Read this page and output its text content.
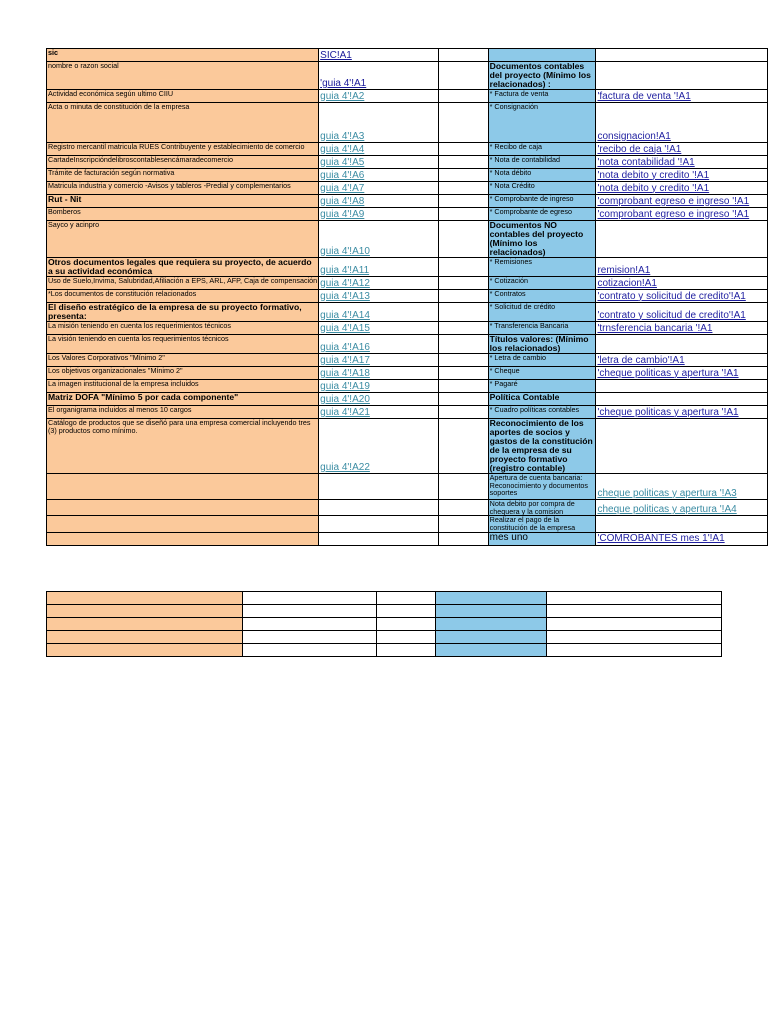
sic	SIC!A1			
nombre o razon social	'guia 4'!A1		Documentos contables del proyecto (Mínimo los relacionados) :	
Actividad económica según ultimo CIIU	guia 4'!A2		* Factura de venta	'factura de venta '!A1
Acta o minuta de constitución de la empresa	guia 4'!A3		* Consignación	consignacion!A1
Registro mercantil matricula RUES Contribuyente y establecimiento de comercio	guia 4'!A4		* Recibo de caja	'recibo de caja '!A1
CartadeInscripcióndelibroscontablesencámaradecomercio	guia 4'!A5		* Nota de contabilidad	'nota contabilidad '!A1
Trámite de facturación según normativa	guia 4'!A6		* Nota débito	'nota debito y credito '!A1
Matricula industria y comercio -Avisos y tableros -Predial y complementarios	guia 4'!A7		* Nota Crédito	'nota debito y credito '!A1
Rut - Nit	guia 4'!A8		* Comprobante de ingreso	'comprobant egreso e ingreso '!A1
Bomberos	guia 4'!A9		* Comprobante de egreso	'comprobant egreso e ingreso '!A1
Sayco y acinpro	guia 4'!A10		Documentos NO contables del proyecto (Mínimo los relacionados)	
Otros documentos legales que requiera su proyecto, de acuerdo a su actividad económica	guia 4'!A11		* Remisiones	remision!A1
Uso de Suelo,Invima, Salubridad,Afiliación a EPS, ARL, AFP, Caja de compensación	guia 4'!A12		* Cotización	cotizacion!A1
*Los documentos de constitución relacionados	guia 4'!A13		* Contratos	'contrato y solicitud de credito'!A1
El diseño estratégico de la empresa de su proyecto formativo, presenta:	guia 4'!A14		* Solicitud de crédito	'contrato y solicitud de credito'!A1
La misión teniendo en cuenta los requerimientos técnicos	guia 4'!A15		* Transferencia Bancaria	'trnsferencia bancaria '!A1
La visión teniendo en cuenta los requerimientos técnicos	guia 4'!A16		Títulos valores: (Mínimo los relacionados)	
Los Valores Corporativos "Mínimo 2"	guia 4'!A17		* Letra de cambio	'letra de cambio'!A1
Los objetivos organizacionales "Mínimo 2"	guia 4'!A18		* Cheque	'cheque politicas y apertura '!A1
La imagen institucional de la empresa incluidos	guia 4'!A19		* Pagaré	
Matriz DOFA "Mínimo 5 por cada componente"	guia 4'!A20		Política Contable	
El organigrama incluidos al menos 10 cargos	guia 4'!A21		* Cuadro políticas contables	'cheque politicas y apertura '!A1
Catálogo de productos que se diseñó para una empresa comercial incluyendo tres (3) productos como mínimo.	guia 4'!A22		Reconocimiento de los aportes de socios y gastos de la constitución de la empresa de su proyecto formativo (registro contable)	
			Apertura de cuenta bancaria: Reconocimiento y documentos soportes	cheque politicas y apertura '!A3
			Nota debito por compra de chequera y la comision	cheque politicas y apertura '!A4
			Realizar el pago de la constitución de la empresa	
			mes uno	'COMROBANTES mes 1'!A1
